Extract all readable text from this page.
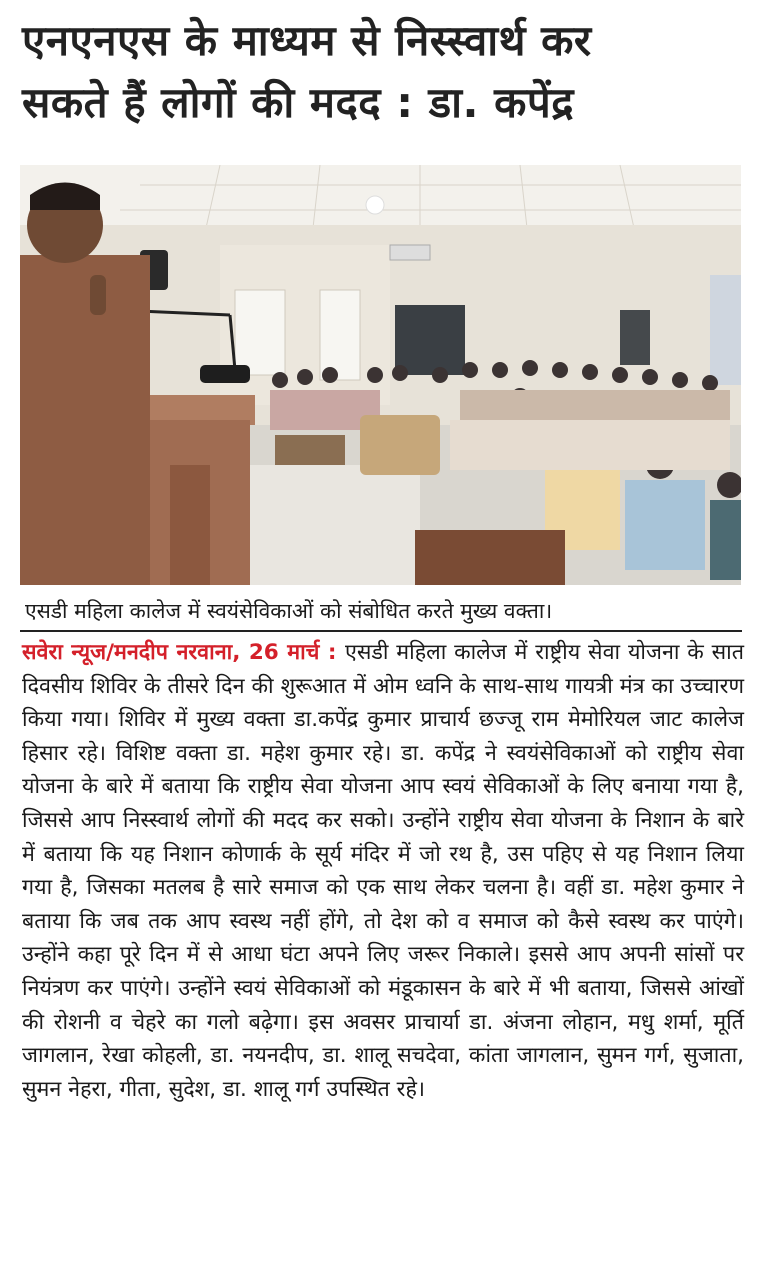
एनएनएस के माध्यम से निस्स्वार्थ कर
सकते हैं लोगों की मदद : डा. कपेंद्र
एसडी महिला कालेज में स्वयंसेविकाओं को संबोधित करते मुख्य वक्ता।
सवेरा न्यूज/मनदीप नरवाना, 26 मार्च : एसडी महिला कालेज में राष्ट्रीय सेवा योजना के सात दिवसीय शिविर के तीसरे दिन की शुरूआत में ओम ध्वनि के साथ-साथ गायत्री मंत्र का उच्चारण किया गया। शिविर में मुख्य वक्ता डा.कपेंद्र कुमार प्राचार्य छज्जू राम मेमोरियल जाट कालेज हिसार रहे। विशिष्ट वक्ता डा. महेश कुमार रहे। डा. कपेंद्र ने स्वयंसेविकाओं को राष्ट्रीय सेवा योजना के बारे में बताया कि राष्ट्रीय सेवा योजना आप स्वयं सेविकाओं के लिए बनाया गया है, जिससे आप निस्स्वार्थ लोगों की मदद कर सको। उन्होंने राष्ट्रीय सेवा योजना के निशान के बारे में बताया कि यह निशान कोणार्क के सूर्य मंदिर में जो रथ है, उस पहिए से यह निशान लिया गया है, जिसका मतलब है सारे समाज को एक साथ लेकर चलना है। वहीं डा. महेश कुमार ने बताया कि जब तक आप स्वस्थ नहीं होंगे, तो देश को व समाज को कैसे स्वस्थ कर पाएंगे। उन्होंने कहा पूरे दिन में से आधा घंटा अपने लिए जरूर निकाले। इससे आप अपनी सांसों पर नियंत्रण कर पाएंगे। उन्होंने स्वयं सेविकाओं को मंडूकासन के बारे में भी बताया, जिससे आंखों की रोशनी व चेहरे का गलो बढ़ेगा। इस अवसर प्राचार्या डा. अंजना लोहान, मधु शर्मा, मूर्ति जागलान, रेखा कोहली, डा. नयनदीप, डा. शालू सचदेवा, कांता जागलान, सुमन गर्ग, सुजाता, सुमन नेहरा, गीता, सुदेश, डा. शालू गर्ग उपस्थित रहे।
